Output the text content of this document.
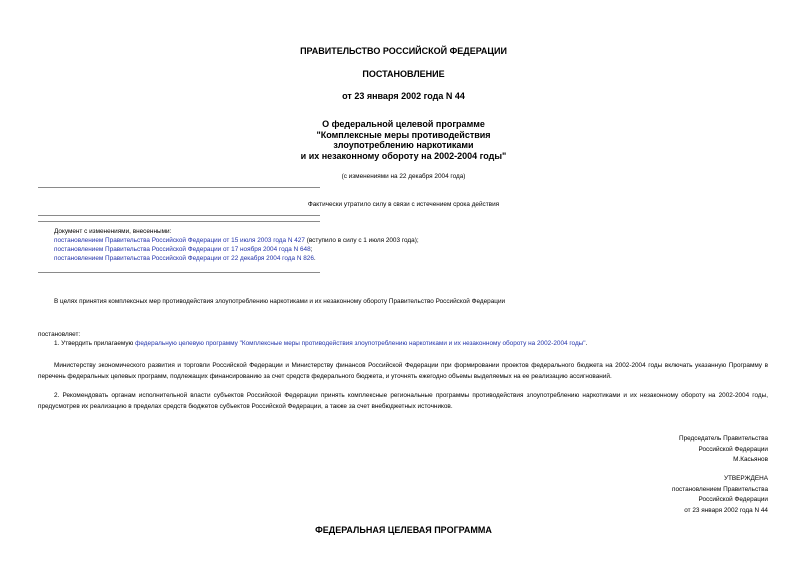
ПРАВИТЕЛЬСТВО РОССИЙСКОЙ ФЕДЕРАЦИИ
ПОСТАНОВЛЕНИЕ
от 23 января 2002 года N 44
О федеральной целевой программе
"Комплексные меры противодействия
злоупотреблению наркотиками
и их незаконному обороту на 2002-2004 годы"
(с изменениями на 22 декабря 2004 года)
Фактически утратило силу в связи с истечением срока действия
Документ с изменениями, внесенными:
постановлением Правительства Российской Федерации от 15 июля 2003 года N 427 (вступило в силу с 1 июля 2003 года);
постановлением Правительства Российской Федерации от 17 ноября 2004 года N 648;
постановлением Правительства Российской Федерации от 22 декабря 2004 года N 826.
В целях принятия комплексных мер противодействия злоупотреблению наркотиками и их незаконному обороту Правительство Российской Федерации
постановляет:
1. Утвердить прилагаемую федеральную целевую программу "Комплексные меры противодействия злоупотреблению наркотиками и их незаконному обороту на 2002-2004 годы".
Министерству экономического развития и торговли Российской Федерации и Министерству финансов Российской Федерации при формировании проектов федерального бюджета на 2002-2004 годы включать указанную Программу в перечень федеральных целевых программ, подлежащих финансированию за счет средств федерального бюджета, и уточнять ежегодно объемы выделяемых на ее реализацию ассигнований.
2. Рекомендовать органам исполнительной власти субъектов Российской Федерации принять комплексные региональные программы противодействия злоупотреблению наркотиками и их незаконному обороту на 2002-2004 годы, предусмотрев их реализацию в пределах средств бюджетов субъектов Российской Федерации, а также за счет внебюджетных источников.
Председатель Правительства
Российской Федерации
М.Касьянов
УТВЕРЖДЕНА
постановлением Правительства
Российской Федерации
от 23 января 2002 года N 44
ФЕДЕРАЛЬНАЯ ЦЕЛЕВАЯ ПРОГРАММА
